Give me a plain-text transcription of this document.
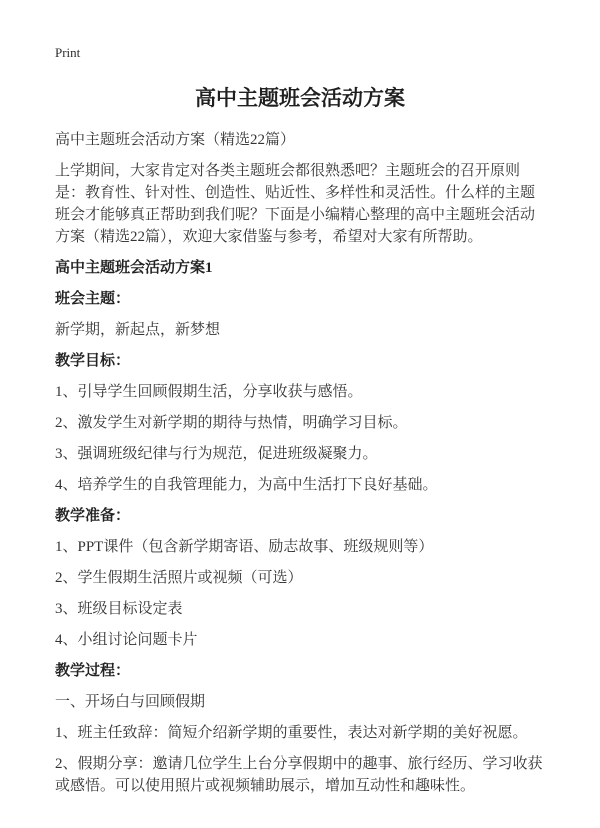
Print
高中主题班会活动方案

高中主题班会活动方案（精选22篇）

上学期间，大家肯定对各类主题班会都很熟悉吧？主题班会的召开原则是：教育性、针对性、创造性、贴近性、多样性和灵活性。什么样的主题班会才能够真正帮助到我们呢？下面是小编精心整理的高中主题班会活动方案（精选22篇），欢迎大家借鉴与参考，希望对大家有所帮助。

高中主题班会活动方案1

班会主题：

新学期，新起点，新梦想

教学目标：

1、引导学生回顾假期生活，分享收获与感悟。

2、激发学生对新学期的期待与热情，明确学习目标。

3、强调班级纪律与行为规范，促进班级凝聚力。

4、培养学生的自我管理能力，为高中生活打下良好基础。

教学准备：

1、PPT课件（包含新学期寄语、励志故事、班级规则等）

2、学生假期生活照片或视频（可选）

3、班级目标设定表

4、小组讨论问题卡片

教学过程：

一、开场白与回顾假期

1、班主任致辞：简短介绍新学期的重要性，表达对新学期的美好祝愿。

2、假期分享：邀请几位学生上台分享假期中的趣事、旅行经历、学习收获或感悟。可以使用照片或视频辅助展示，增加互动性和趣味性。
